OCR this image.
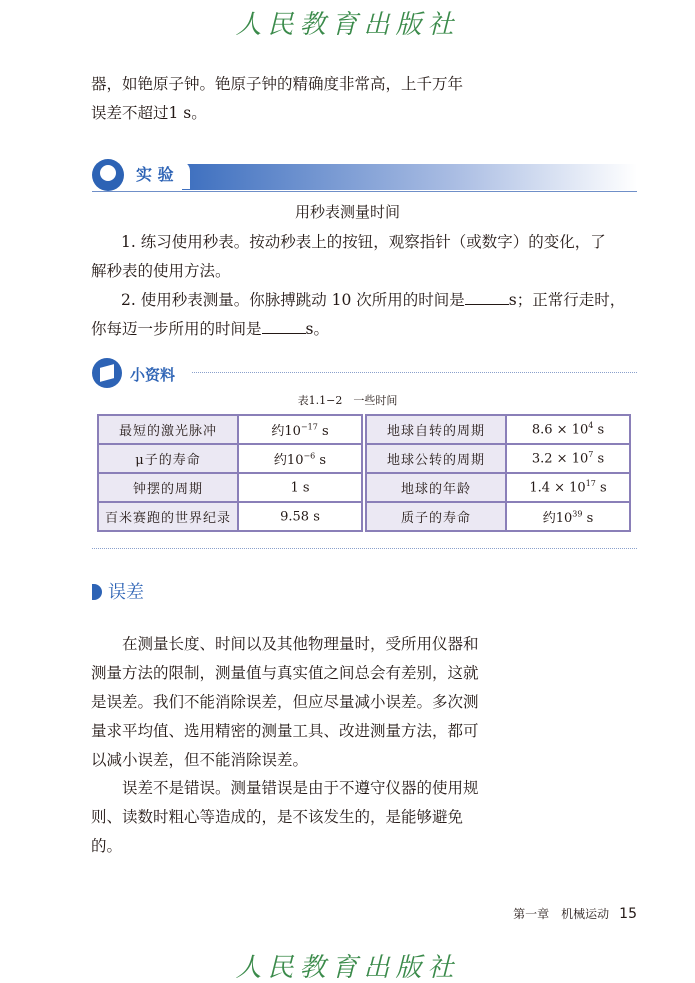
人民教育出版社
器，如铯原子钟。铯原子钟的精确度非常高，上千万年
误差不超过1 s。
实 验
用秒表测量时间
1. 练习使用秒表。按动秒表上的按钮，观察指针（或数字）的变化，了
解秒表的使用方法。
2. 使用秒表测量。你脉搏跳动 10 次所用的时间是	s；正常行走时，
你每迈一步所用的时间是	s。
小资料
表1.1−2　一些时间
最短的激光脉冲	约$10^{-17}$ s		地球自转的周期	$8.6 \times 10^4$ s
μ子的寿命	约$10^{-6}$ s		地球公转的周期	$3.2 \times 10^7$ s
钟摆的周期	1 s		地球的年龄	$1.4 \times 10^{17}$ s
百米赛跑的世界纪录	9.58 s		质子的寿命	约$10^{39}$ s
误差
在测量长度、时间以及其他物理量时，受所用仪器和测量方法的限制，测量值与真实值之间总会有差别，这就是误差。我们不能消除误差，但应尽量减小误差。多次测量求平均值、选用精密的测量工具、改进测量方法，都可以减小误差，但不能消除误差。
误差不是错误。测量错误是由于不遵守仪器的使用规则、读数时粗心等造成的，是不该发生的，是能够避免的。
第一章　机械运动 15
人民教育出版社
